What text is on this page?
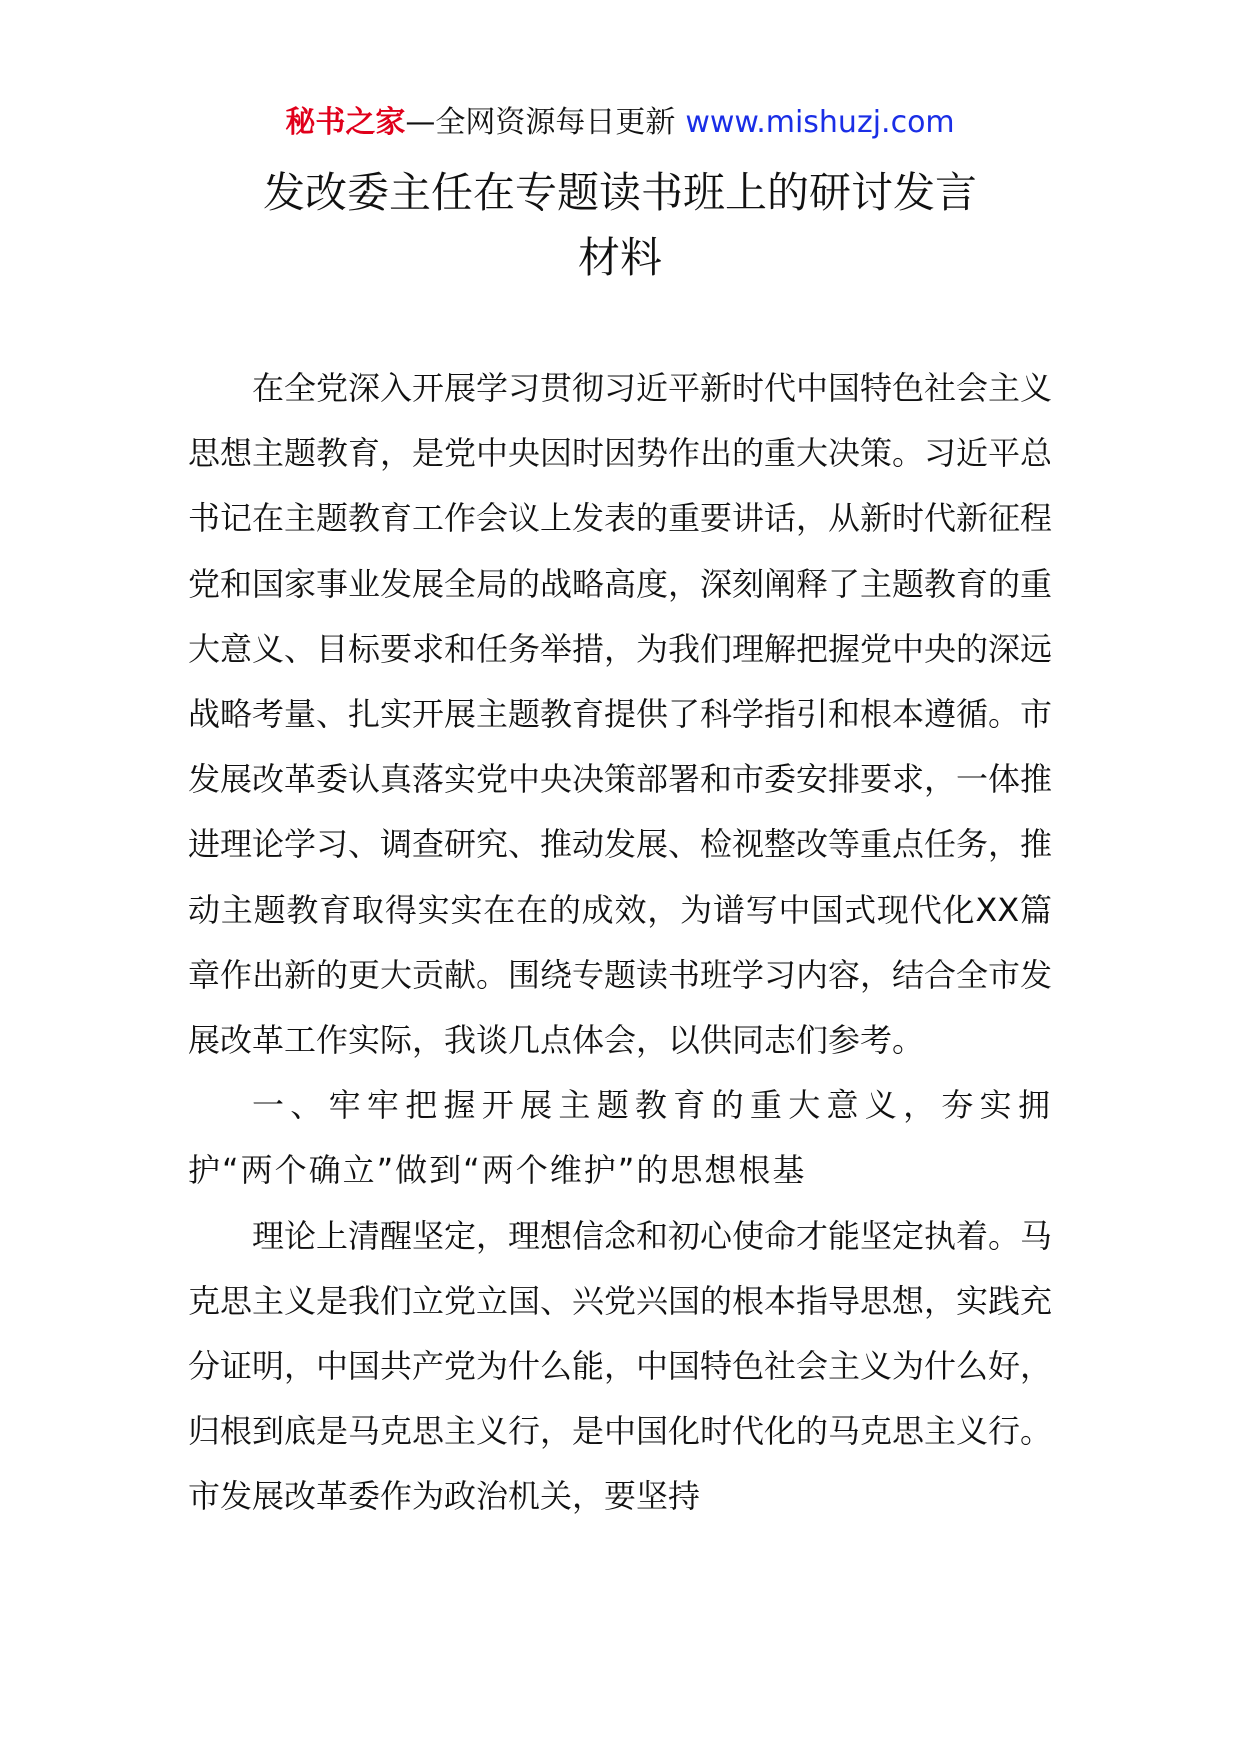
秘书之家—全网资源每日更新 www.mishuzj.com
发改委主任在专题读书班上的研讨发言
材料

在全党深入开展学习贯彻习近平新时代中国特色社会主义思想主题教育，是党中央因时因势作出的重大决策。习近平总书记在主题教育工作会议上发表的重要讲话，从新时代新征程党和国家事业发展全局的战略高度，深刻阐释了主题教育的重大意义、目标要求和任务举措，为我们理解把握党中央的深远战略考量、扎实开展主题教育提供了科学指引和根本遵循。市发展改革委认真落实党中央决策部署和市委安排要求，一体推进理论学习、调查研究、推动发展、检视整改等重点任务，推动主题教育取得实实在在的成效，为谱写中国式现代化XX篇章作出新的更大贡献。围绕专题读书班学习内容，结合全市发展改革工作实际，我谈几点体会，以供同志们参考。

一、牢牢把握开展主题教育的重大意义，夯实拥护“两个确立”做到“两个维护”的思想根基

理论上清醒坚定，理想信念和初心使命才能坚定执着。马克思主义是我们立党立国、兴党兴国的根本指导思想，实践充分证明，中国共产党为什么能，中国特色社会主义为什么好，归根到底是马克思主义行，是中国化时代化的马克思主义行。市发展改革委作为政治机关，要坚持
